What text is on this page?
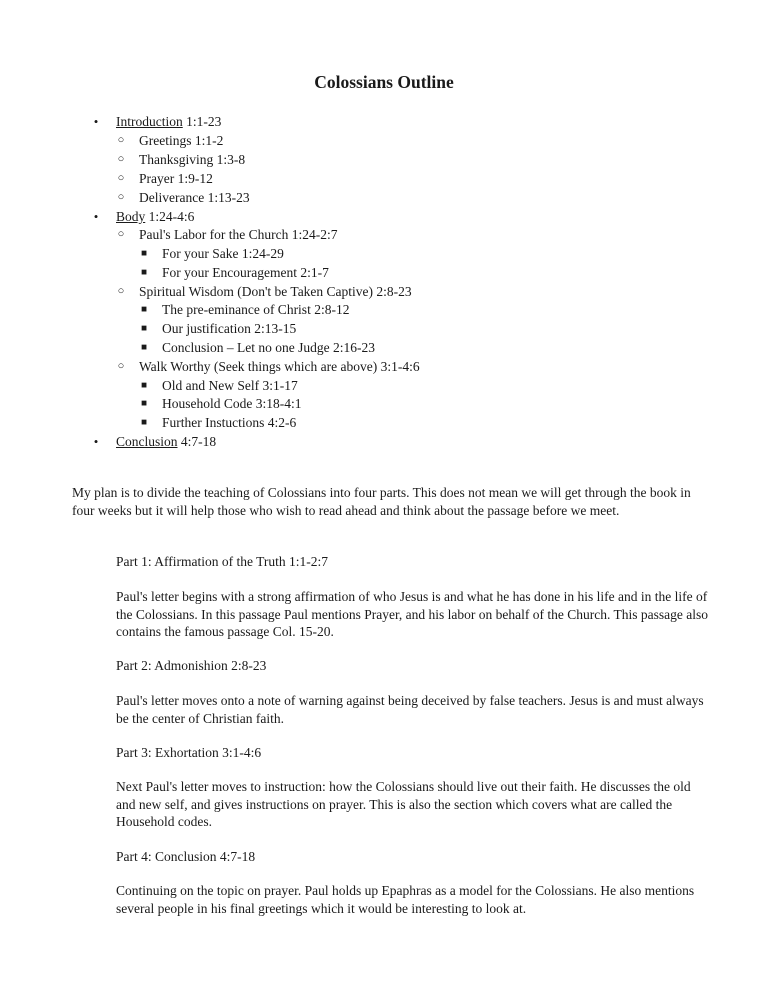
Colossians Outline
• Introduction 1:1-23
○ Greetings 1:1-2
○ Thanksgiving 1:3-8
○ Prayer 1:9-12
○ Deliverance 1:13-23
• Body 1:24-4:6
○ Paul's Labor for the Church 1:24-2:7
■ For your Sake 1:24-29
■ For your Encouragement 2:1-7
○ Spiritual Wisdom (Don't be Taken Captive) 2:8-23
■ The pre-eminance of Christ 2:8-12
■ Our justification 2:13-15
■ Conclusion – Let no one Judge 2:16-23
○ Walk Worthy (Seek things which are above) 3:1-4:6
■ Old and New Self 3:1-17
■ Household Code 3:18-4:1
■ Further Instuctions 4:2-6
• Conclusion 4:7-18

My plan is to divide the teaching of Colossians into four parts. This does not mean we will get through the book in four weeks but it will help those who wish to read ahead and think about the passage before we meet.

Part 1: Affirmation of the Truth 1:1-2:7

Paul's letter begins with a strong affirmation of who Jesus is and what he has done in his life and in the life of the Colossians. In this passage Paul mentions Prayer, and his labor on behalf of the Church. This passage also contains the famous passage Col. 15-20.

Part 2: Admonishion 2:8-23

Paul's letter moves onto a note of warning against being deceived by false teachers. Jesus is and must always be the center of Christian faith.

Part 3: Exhortation 3:1-4:6

Next Paul's letter moves to instruction: how the Colossians should live out their faith. He discusses the old and new self, and gives instructions on prayer. This is also the section which covers what are called the Household codes.

Part 4: Conclusion 4:7-18

Continuing on the topic on prayer. Paul holds up Epaphras as a model for the Colossians. He also mentions several people in his final greetings which it would be interesting to look at.
